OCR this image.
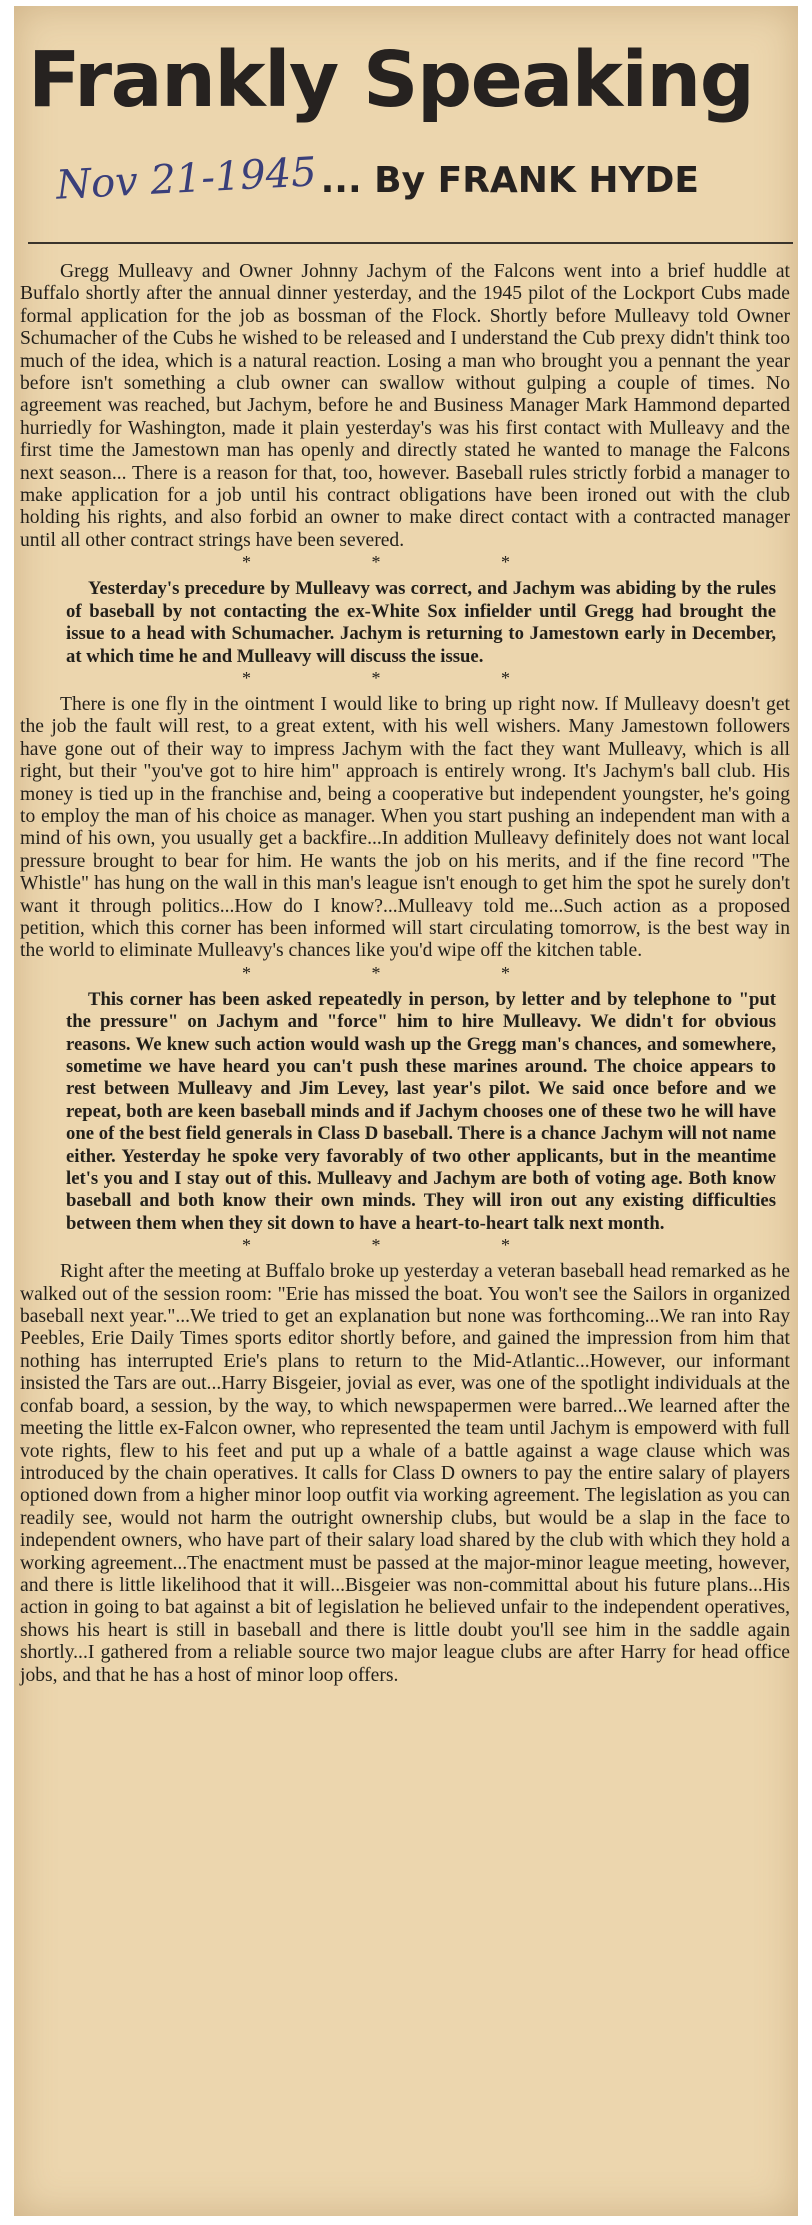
Frankly Speaking
Nov 21-1945 ... By FRANK HYDE

Gregg Mulleavy and Owner Johnny Jachym of the Falcons went into a brief huddle at Buffalo shortly after the annual dinner yesterday, and the 1945 pilot of the Lockport Cubs made formal application for the job as bossman of the Flock. Shortly before Mulleavy told Owner Schumacher of the Cubs he wished to be released and I understand the Cub prexy didn't think too much of the idea, which is a natural reaction. Losing a man who brought you a pennant the year before isn't something a club owner can swallow without gulping a couple of times. No agreement was reached, but Jachym, before he and Business Manager Mark Hammond departed hurriedly for Washington, made it plain yesterday's was his first contact with Mulleavy and the first time the Jamestown man has openly and directly stated he wanted to manage the Falcons next season... There is a reason for that, too, however. Baseball rules strictly forbid a manager to make application for a job until his contract obligations have been ironed out with the club holding his rights, and also forbid an owner to make direct contact with a contracted manager until all other contract strings have been severed.

* * *

Yesterday's precedure by Mulleavy was correct, and Jachym was abiding by the rules of baseball by not contacting the ex-White Sox infielder until Gregg had brought the issue to a head with Schumacher. Jachym is returning to Jamestown early in December, at which time he and Mulleavy will discuss the issue.

* * *

There is one fly in the ointment I would like to bring up right now. If Mulleavy doesn't get the job the fault will rest, to a great extent, with his well wishers. Many Jamestown followers have gone out of their way to impress Jachym with the fact they want Mulleavy, which is all right, but their "you've got to hire him" approach is entirely wrong. It's Jachym's ball club. His money is tied up in the franchise and, being a cooperative but independent youngster, he's going to employ the man of his choice as manager. When you start pushing an independent man with a mind of his own, you usually get a backfire...In addition Mulleavy definitely does not want local pressure brought to bear for him. He wants the job on his merits, and if the fine record "The Whistle" has hung on the wall in this man's league isn't enough to get him the spot he surely don't want it through politics...How do I know?...Mulleavy told me...Such action as a proposed petition, which this corner has been informed will start circulating tomorrow, is the best way in the world to eliminate Mulleavy's chances like you'd wipe off the kitchen table.

* * *

This corner has been asked repeatedly in person, by letter and by telephone to "put the pressure" on Jachym and "force" him to hire Mulleavy. We didn't for obvious reasons. We knew such action would wash up the Gregg man's chances, and somewhere, sometime we have heard you can't push these marines around. The choice appears to rest between Mulleavy and Jim Levey, last year's pilot. We said once before and we repeat, both are keen baseball minds and if Jachym chooses one of these two he will have one of the best field generals in Class D baseball. There is a chance Jachym will not name either. Yesterday he spoke very favorably of two other applicants, but in the meantime let's you and I stay out of this. Mulleavy and Jachym are both of voting age. Both know baseball and both know their own minds. They will iron out any existing difficulties between them when they sit down to have a heart-to-heart talk next month.

* * *

Right after the meeting at Buffalo broke up yesterday a veteran baseball head remarked as he walked out of the session room: "Erie has missed the boat. You won't see the Sailors in organized baseball next year."...We tried to get an explanation but none was forthcoming...We ran into Ray Peebles, Erie Daily Times sports editor shortly before, and gained the impression from him that nothing has interrupted Erie's plans to return to the Mid-Atlantic...However, our informant insisted the Tars are out...Harry Bisgeier, jovial as ever, was one of the spotlight individuals at the confab board, a session, by the way, to which newspapermen were barred...We learned after the meeting the little ex-Falcon owner, who represented the team until Jachym is empowerd with full vote rights, flew to his feet and put up a whale of a battle against a wage clause which was introduced by the chain operatives. It calls for Class D owners to pay the entire salary of players optioned down from a higher minor loop outfit via working agreement. The legislation as you can readily see, would not harm the outright ownership clubs, but would be a slap in the face to independent owners, who have part of their salary load shared by the club with which they hold a working agreement...The enactment must be passed at the major-minor league meeting, however, and there is little likelihood that it will...Bisgeier was non-committal about his future plans...His action in going to bat against a bit of legislation he believed unfair to the independent operatives, shows his heart is still in baseball and there is little doubt you'll see him in the saddle again shortly...I gathered from a reliable source two major league clubs are after Harry for head office jobs, and that he has a host of minor loop offers.
